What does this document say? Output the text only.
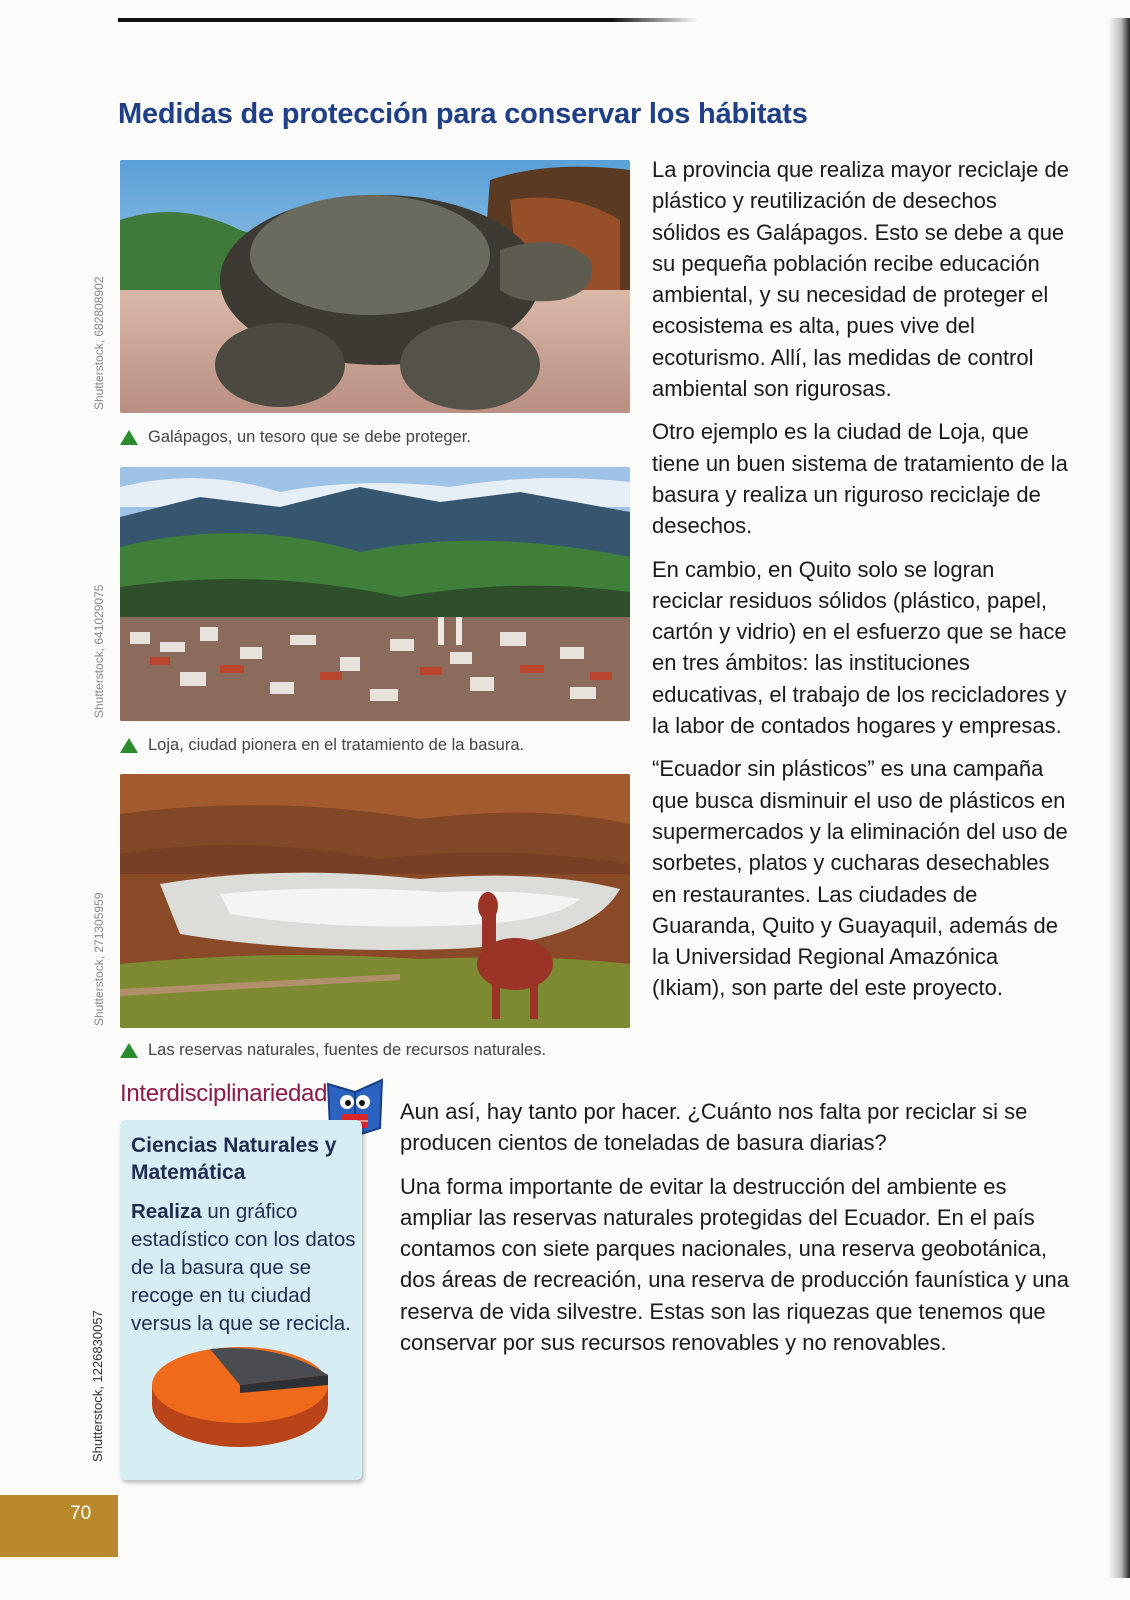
Medidas de protección para conservar los hábitats
Shutterstock, 682808902
Galápagos, un tesoro que se debe proteger.
Shutterstock, 641029075
Loja, ciudad pionera en el tratamiento de la basura.
Shutterstock, 271305959
Las reservas naturales, fuentes de recursos naturales.

La provincia que realiza mayor reciclaje de plástico y reutilización de desechos sólidos es Galápagos. Esto se debe a que su pequeña población recibe educación ambiental, y su necesidad de proteger el ecosistema es alta, pues vive del ecoturismo. Allí, las medidas de control ambiental son rigurosas.

Otro ejemplo es la ciudad de Loja, que tiene un buen sistema de tratamiento de la basura y realiza un riguroso reciclaje de desechos.

En cambio, en Quito solo se logran reciclar residuos sólidos (plástico, papel, cartón y vidrio) en el esfuerzo que se hace en tres ámbitos: las instituciones educativas, el trabajo de los recicladores y la labor de contados hogares y empresas.

“Ecuador sin plásticos” es una campaña que busca disminuir el uso de plásticos en supermercados y la eliminación del uso de sorbetes, platos y cucharas desechables en restaurantes. Las ciudades de Guaranda, Quito y Guayaquil, además de la Universidad Regional Amazónica (Ikiam), son parte del este proyecto.

Aun así, hay tanto por hacer. ¿Cuánto nos falta por reciclar si se producen cientos de toneladas de basura diarias?

Una forma importante de evitar la destrucción del ambiente es ampliar las reservas naturales protegidas del Ecuador. En el país contamos con siete parques nacionales, una reserva geobotánica, dos áreas de recreación, una reserva de producción faunística y una reserva de vida silvestre. Estas son las riquezas que tenemos que conservar por sus recursos renovables y no renovables.

Interdisciplinariedad
Ciencias Naturales y Matemática
Realiza un gráfico estadístico con los datos de la basura que se recoge en tu ciudad versus la que se recicla.
Shutterstock, 1226830057
70
